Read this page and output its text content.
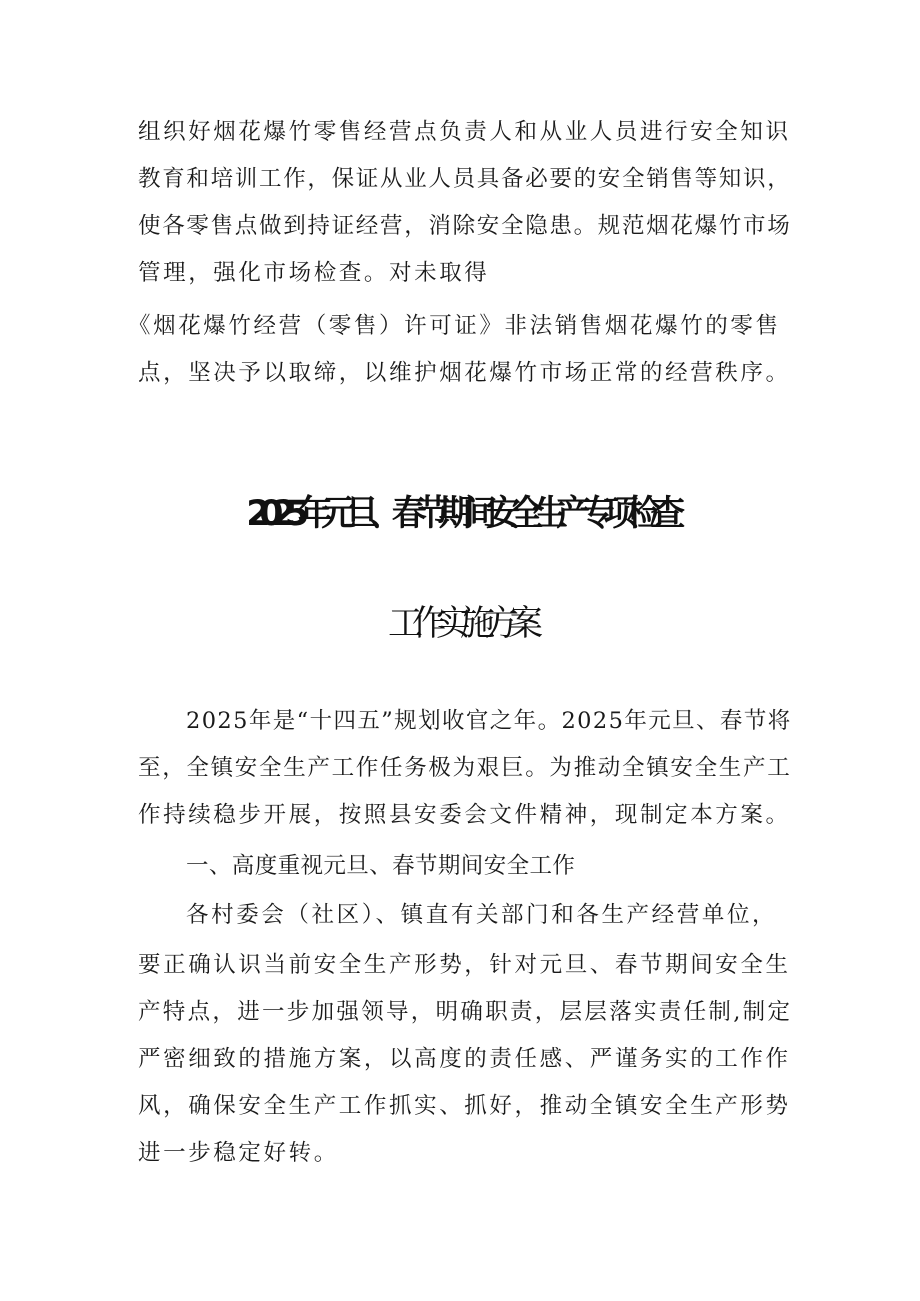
组织好烟花爆竹零售经营点负责人和从业人员进行安全知识
教育和培训工作，保证从业人员具备必要的安全销售等知识，
使各零售点做到持证经营，消除安全隐患。规范烟花爆竹市场
管理，强化市场检查。对未取得
《烟花爆竹经营（零售）许可证》非法销售烟花爆竹的零售
点，坚决予以取缔，以维护烟花爆竹市场正常的经营秩序。
2025年元旦、春节期间安全生产专项检查
工作实施方案
2025年是“十四五”规划收官之年。2025年元旦、春节将
至，全镇安全生产工作任务极为艰巨。为推动全镇安全生产工
作持续稳步开展，按照县安委会文件精神，现制定本方案。
一、高度重视元旦、春节期间安全工作
各村委会（社区）、镇直有关部门和各生产经营单位，
要正确认识当前安全生产形势，针对元旦、春节期间安全生
产特点，进一步加强领导，明确职责，层层落实责任制,制定
严密细致的措施方案，以高度的责任感、严谨务实的工作作
风，确保安全生产工作抓实、抓好，推动全镇安全生产形势
进一步稳定好转。
